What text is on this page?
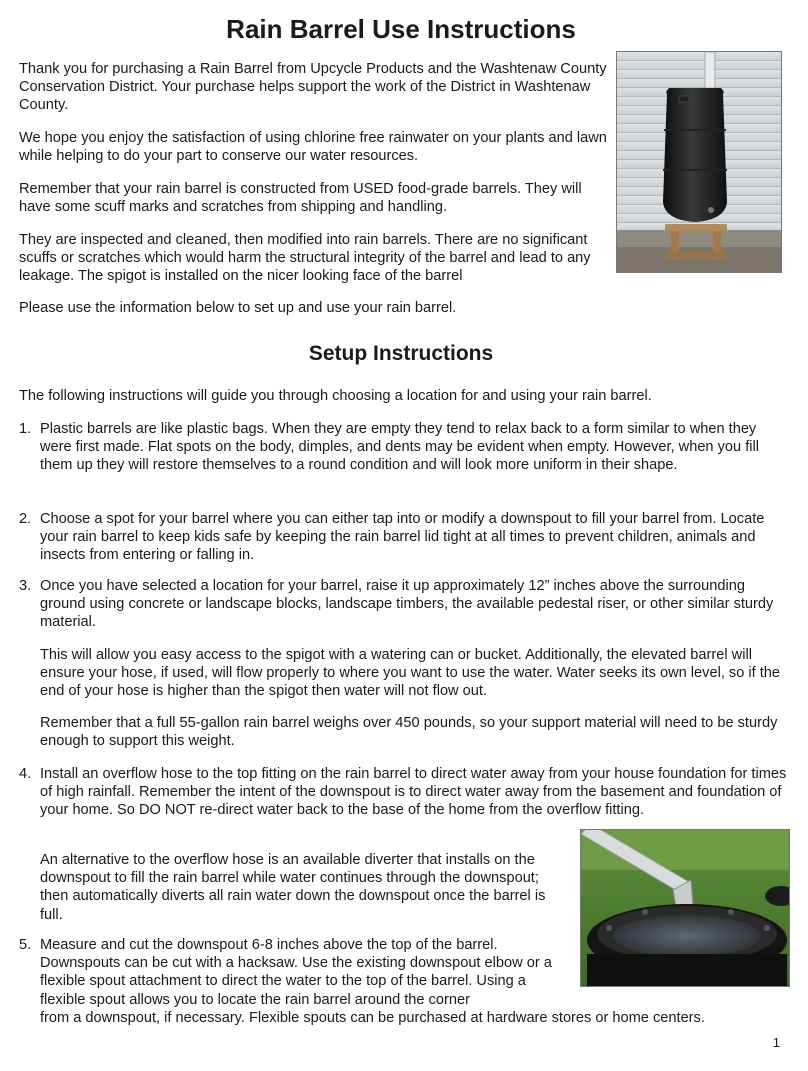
Rain Barrel Use Instructions

Thank you for purchasing a Rain Barrel from Upcycle Products and the Washtenaw County Conservation District. Your purchase helps support the work of the District in Washtenaw County.

We hope you enjoy the satisfaction of using chlorine free rainwater on your plants and lawn while helping to do your part to conserve our water resources.

Remember that your rain barrel is constructed from USED food-grade barrels. They will have some scuff marks and scratches from shipping and handling.

They are inspected and cleaned, then modified into rain barrels. There are no significant scuffs or scratches which would harm the structural integrity of the barrel and lead to any leakage. The spigot is installed on the nicer looking face of the barrel

Please use the information below to set up and use your rain barrel.

Setup Instructions

The following instructions will guide you through choosing a location for and using your rain barrel.

1. Plastic barrels are like plastic bags. When they are empty they tend to relax back to a form similar to when they were first made. Flat spots on the body, dimples, and dents may be evident when empty. However, when you fill them up they will restore themselves to a round condition and will look more uniform in their shape.

2. Choose a spot for your barrel where you can either tap into or modify a downspout to fill your barrel from. Locate your rain barrel to keep kids safe by keeping the rain barrel lid tight at all times to prevent children, animals and insects from entering or falling in.

3. Once you have selected a location for your barrel, raise it up approximately 12” inches above the surrounding ground using concrete or landscape blocks, landscape timbers, the available pedestal riser, or other similar sturdy material.

This will allow you easy access to the spigot with a watering can or bucket. Additionally, the elevated barrel will ensure your hose, if used, will flow properly to where you want to use the water. Water seeks its own level, so if the end of your hose is higher than the spigot then water will not flow out.

Remember that a full 55-gallon rain barrel weighs over 450 pounds, so your support material will need to be sturdy enough to support this weight.

4. Install an overflow hose to the top fitting on the rain barrel to direct water away from your house foundation for times of high rainfall. Remember the intent of the downspout is to direct water away from the basement and foundation of your home. So DO NOT re-direct water back to the base of the home from the overflow fitting.

An alternative to the overflow hose is an available diverter that installs on the downspout to fill the rain barrel while water continues through the downspout; then automatically diverts all rain water down the downspout once the barrel is full.

5. Measure and cut the downspout 6-8 inches above the top of the barrel. Downspouts can be cut with a hacksaw. Use the existing downspout elbow or a flexible spout attachment to direct the water to the top of the barrel. Using a flexible spout allows you to locate the rain barrel around the corner

from a downspout, if necessary. Flexible spouts can be purchased at hardware stores or home centers.

1
